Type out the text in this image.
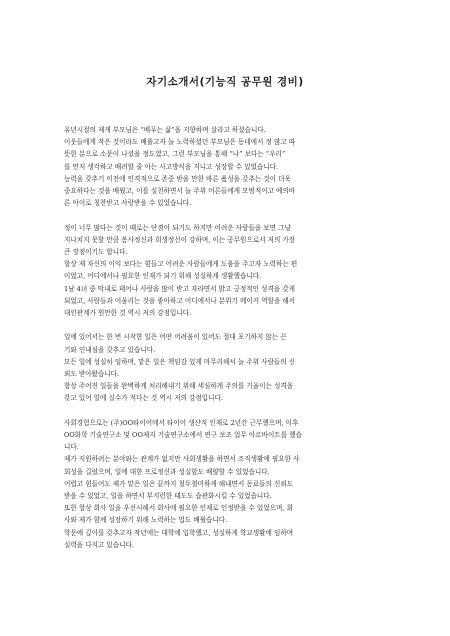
자기소개서(기능직 공무원 경비)
유년시절의 제게 부모님은 “베푸는 삶”을 지향하며 살라고 하셨습니다.
이웃들에게 작은 것이라도 베풀고자 늘 노력하셨던 부모님은 동네에서 정 많고 따
뜻한 분으로 소문이 나셨을 정도였고, 그런 부모님을 통해 “나” 보다는 “우리”
를 먼저 생각하고 배려할 줄 아는 사고방식을 지니고 성장할 수 있었습니다.
능력을 갖추기 이전에 인격적으로 존중 받을 만한 바른 품성을 갖추는 것이 더욱
중요하다는 것을 배웠고, 이를 실천하면서 늘 주위 어른들에게 모범적이고 예의바
른 아이로 칭찬받고 사랑받을 수 있었습니다.
정이 너무 많다는 것이 때로는 단점이 되기도 하지만 어려운 사람들을 보면 그냥
지나치지 못할 만큼 봉사정신과 희생정신이 강하며, 이는 공무원으로서 저의 가장
큰 장점이기도 합니다.
항상 제 자신의 이익 보다는 힘들고 어려운 사람들에게 도움을 주고자 노력하는 편
이었고, 어디에서나 필요한 인재가 되기 위해 성실하게 생활했습니다.
1남 4녀 중 막내로 태어나 사랑을 많이 받고 자라면서 밝고 긍정적인 성격을 갖게
되었고, 사람들과 어울리는 것을 좋아하고 어디에서나 분위기 메이커 역할을 해서
대인관계가 원만한 것 역시 저의 강점입니다.
일에 있어서는 한 번 시작한 일은 어떤 어려움이 있어도 절대 포기하지 않는 끈
기와 인내심을 갖추고 있습니다.
모든 일에 성실히 임하며, 맡은 일은 책임감 있게 마무리해서 늘 주위 사람들의 신
뢰도 받아왔습니다.
항상 주어진 일들을 완벽하게 처리해내기 위해 세심하게 주의를 기울이는 성격을
갖고 있어 일에 실수가 적다는 것 역시 저의 강점입니다.
사회경험으로는 (주)OO타이어에서 타이어 생산직 인재로 2년간 근무했으며, 이후
OO화학 기술연구소 및 OO제지 기술연구소에서 연구 보조 업무 아르바이트를 했습
니다.
제가 지원하려는 분야와는 관계가 없지만 사회생활을 하면서 조직생활에 필요한 사
회성을 길렀으며, 일에 대한 프로정신과 성실함도 배양할 수 있었습니다.
어렵고 힘들어도 제가 맡은 일은 끝까지 철두철미하게 해내면서 동료들의 신뢰도
받을 수 있었고, 일을 하면서 부지런한 태도도 습관화시킬 수 있었습니다.
또한 항상 회사 일을 우선시해서 회사에 필요한 인재로 인정받을 수 있었으며, 회
사와 제가 함께 성장하기 위해 노력하는 법도 배웠습니다.
학문에 깊이를 갖추고자 작년에는 대학에 입학했고, 성실하게 학교생활에 임하며
실력을 다지고 있습니다.
